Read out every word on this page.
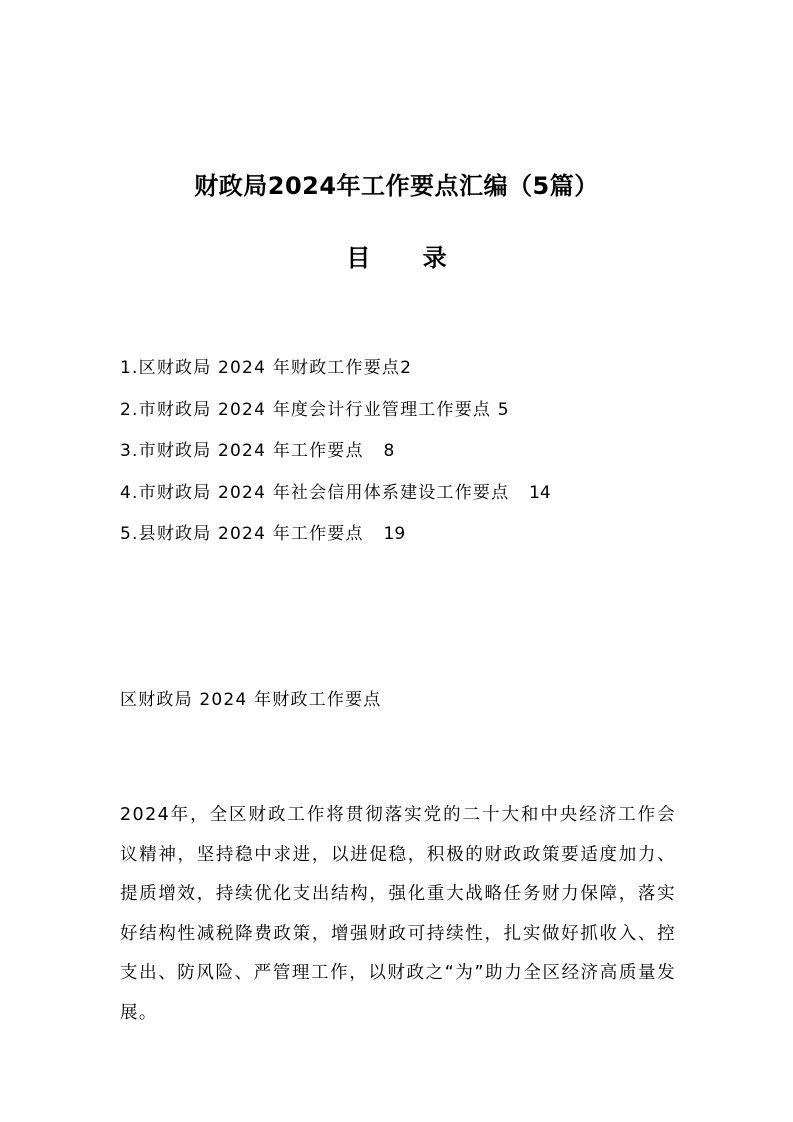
财政局2024年工作要点汇编（5篇）
目 录
1.区财政局 2024 年财政工作要点2
2.市财政局 2024 年度会计行业管理工作要点 5
3.市财政局 2024 年工作要点 8
4.市财政局 2024 年社会信用体系建设工作要点 14
5.县财政局 2024 年工作要点 19
区财政局 2024 年财政工作要点

2024年，全区财政工作将贯彻落实党的二十大和中央经济工作会议精神，坚持稳中求进，以进促稳，积极的财政政策要适度加力、提质增效，持续优化支出结构，强化重大战略任务财力保障，落实好结构性减税降费政策，增强财政可持续性，扎实做好抓收入、控支出、防风险、严管理工作，以财政之“为”助力全区经济高质量发展。
